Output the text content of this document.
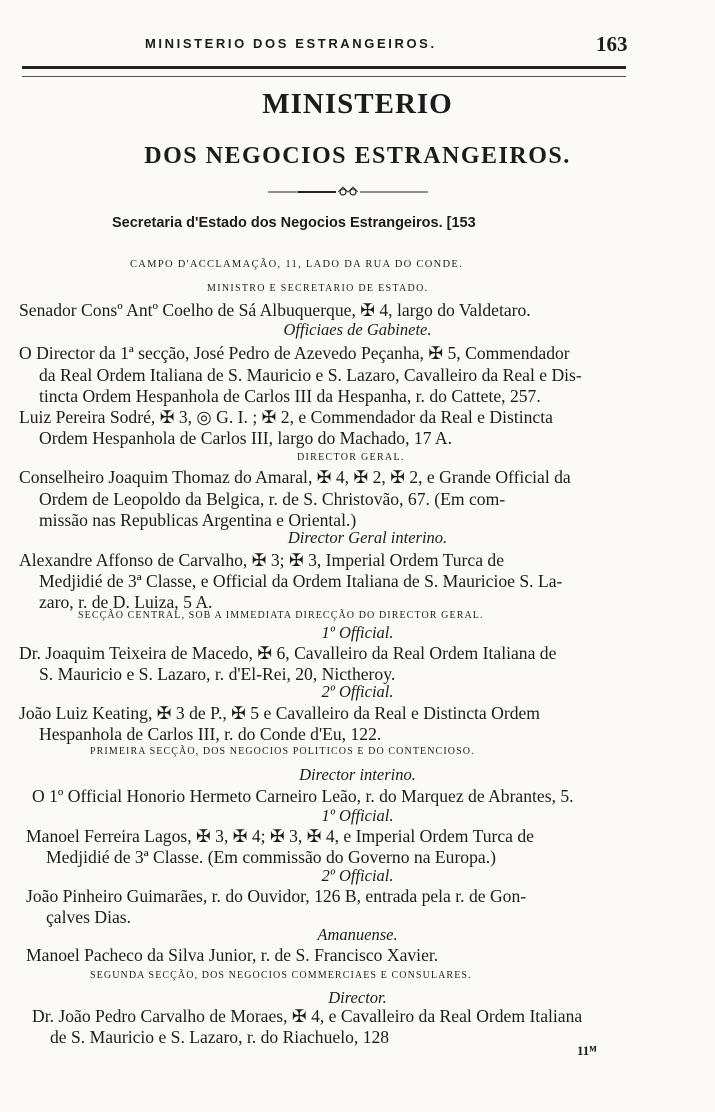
MINISTERIO DOS ESTRANGEIROS.	163
MINISTERIO
DOS NEGOCIOS ESTRANGEIROS.
Secretaria d'Estado dos Negocios Estrangeiros. [153
CAMPO D'ACCLAMAÇÃO, 11, LADO DA RUA DO CONDE.
MINISTRO E SECRETARIO DE ESTADO.
Senador Consº Antº Coelho de Sá Albuquerque, ✠ 4, largo do Valdetaro.
Officiaes de Gabinete.
O Director da 1ª secção, José Pedro de Azevedo Peçanha, ✠ 5, Commendador
da Real Ordem Italiana de S. Mauricio e S. Lazaro, Cavalleiro da Real e Dis-
tincta Ordem Hespanhola de Carlos III da Hespanha, r. do Cattete, 257.
Luiz Pereira Sodré, ✠ 3, ◎ G. I. ; ✠ 2, e Commendador da Real e Distincta
Ordem Hespanhola de Carlos III, largo do Machado, 17 A.
DIRECTOR GERAL.
Conselheiro Joaquim Thomaz do Amaral, ✠ 4, ✠ 2, ✠ 2, e Grande Official da
Ordem de Leopoldo da Belgica, r. de S. Christovão, 67. (Em com-
missão nas Republicas Argentina e Oriental.)
Director Geral interino.
Alexandre Affonso de Carvalho, ✠ 3; ✠ 3, Imperial Ordem Turca de
Medjidié de 3ª Classe, e Official da Ordem Italiana de S. Mauricioe S. La-
zaro, r. de D. Luiza, 5 A.
SECÇÃO CENTRAL, SOB A IMMEDIATA DIRECÇÃO DO DIRECTOR GERAL.
1º Official.
Dr. Joaquim Teixeira de Macedo, ✠ 6, Cavalleiro da Real Ordem Italiana de
S. Mauricio e S. Lazaro, r. d'El-Rei, 20, Nictheroy.
2º Official.
João Luiz Keating, ✠ 3 de P., ✠ 5 e Cavalleiro da Real e Distincta Ordem
Hespanhola de Carlos III, r. do Conde d'Eu, 122.
PRIMEIRA SECÇÃO, DOS NEGOCIOS POLITICOS E DO CONTENCIOSO.
Director interino.
O 1º Official Honorio Hermeto Carneiro Leão, r. do Marquez de Abrantes, 5.
1º Official.
Manoel Ferreira Lagos, ✠ 3, ✠ 4; ✠ 3, ✠ 4, e Imperial Ordem Turca de
Medjidié de 3ª Classe. (Em commissão do Governo na Europa.)
2º Official.
João Pinheiro Guimarães, r. do Ouvidor, 126 B, entrada pela r. de Gon-
çalves Dias.
Amanuense.
Manoel Pacheco da Silva Junior, r. de S. Francisco Xavier.
SEGUNDA SECÇÃO, DOS NEGOCIOS COMMERCIAES E CONSULARES.
Director.
Dr. João Pedro Carvalho de Moraes, ✠ 4, e Cavalleiro da Real Ordem Italiana
de S. Mauricio e S. Lazaro, r. do Riachuelo, 128
11ᴹ
